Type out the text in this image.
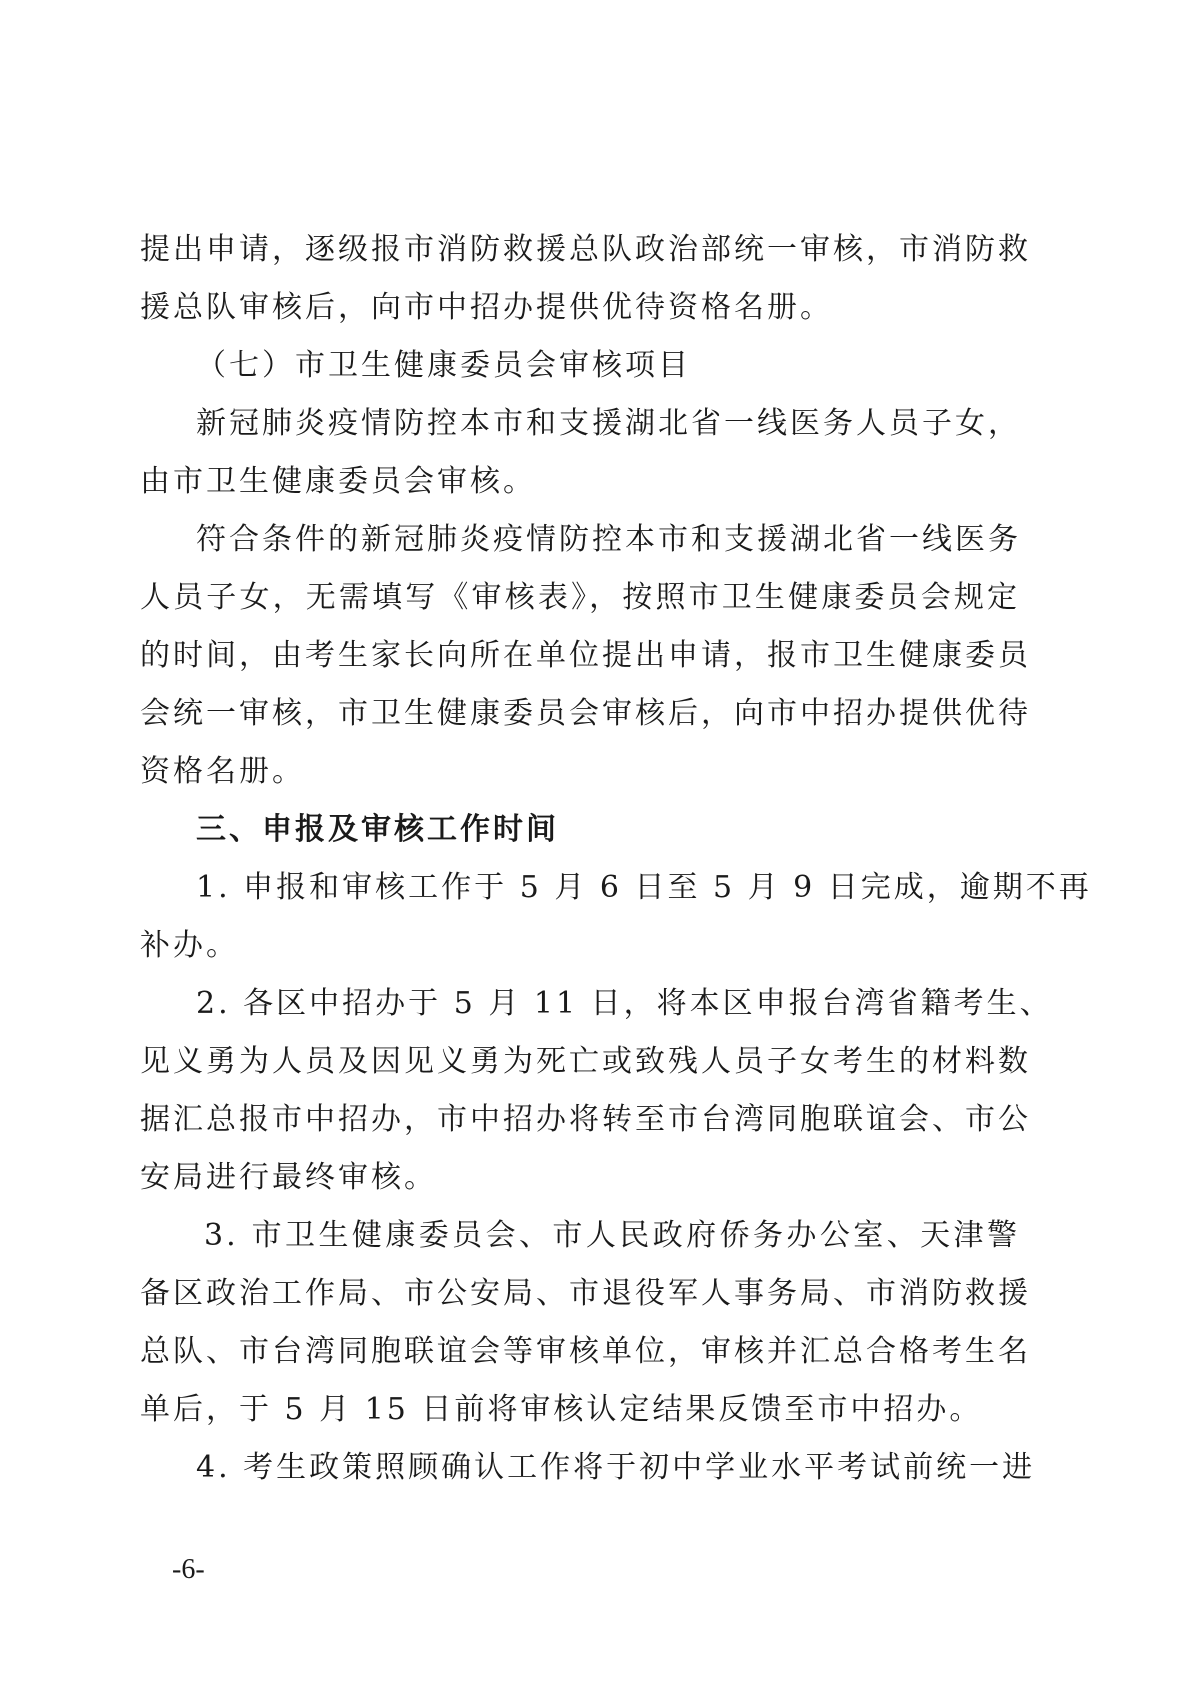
提出申请，逐级报市消防救援总队政治部统一审核，市消防救
援总队审核后，向市中招办提供优待资格名册。
（七）市卫生健康委员会审核项目
新冠肺炎疫情防控本市和支援湖北省一线医务人员子女，
由市卫生健康委员会审核。
符合条件的新冠肺炎疫情防控本市和支援湖北省一线医务
人员子女，无需填写《审核表》，按照市卫生健康委员会规定
的时间，由考生家长向所在单位提出申请，报市卫生健康委员
会统一审核，市卫生健康委员会审核后，向市中招办提供优待
资格名册。
三、申报及审核工作时间
1. 申报和审核工作于 5 月 6 日至 5 月 9 日完成，逾期不再
补办。
2. 各区中招办于 5 月 11 日，将本区申报台湾省籍考生、
见义勇为人员及因见义勇为死亡或致残人员子女考生的材料数
据汇总报市中招办，市中招办将转至市台湾同胞联谊会、市公
安局进行最终审核。
3. 市卫生健康委员会、市人民政府侨务办公室、天津警
备区政治工作局、市公安局、市退役军人事务局、市消防救援
总队、市台湾同胞联谊会等审核单位，审核并汇总合格考生名
单后，于 5 月 15 日前将审核认定结果反馈至市中招办。
4. 考生政策照顾确认工作将于初中学业水平考试前统一进
-6-
